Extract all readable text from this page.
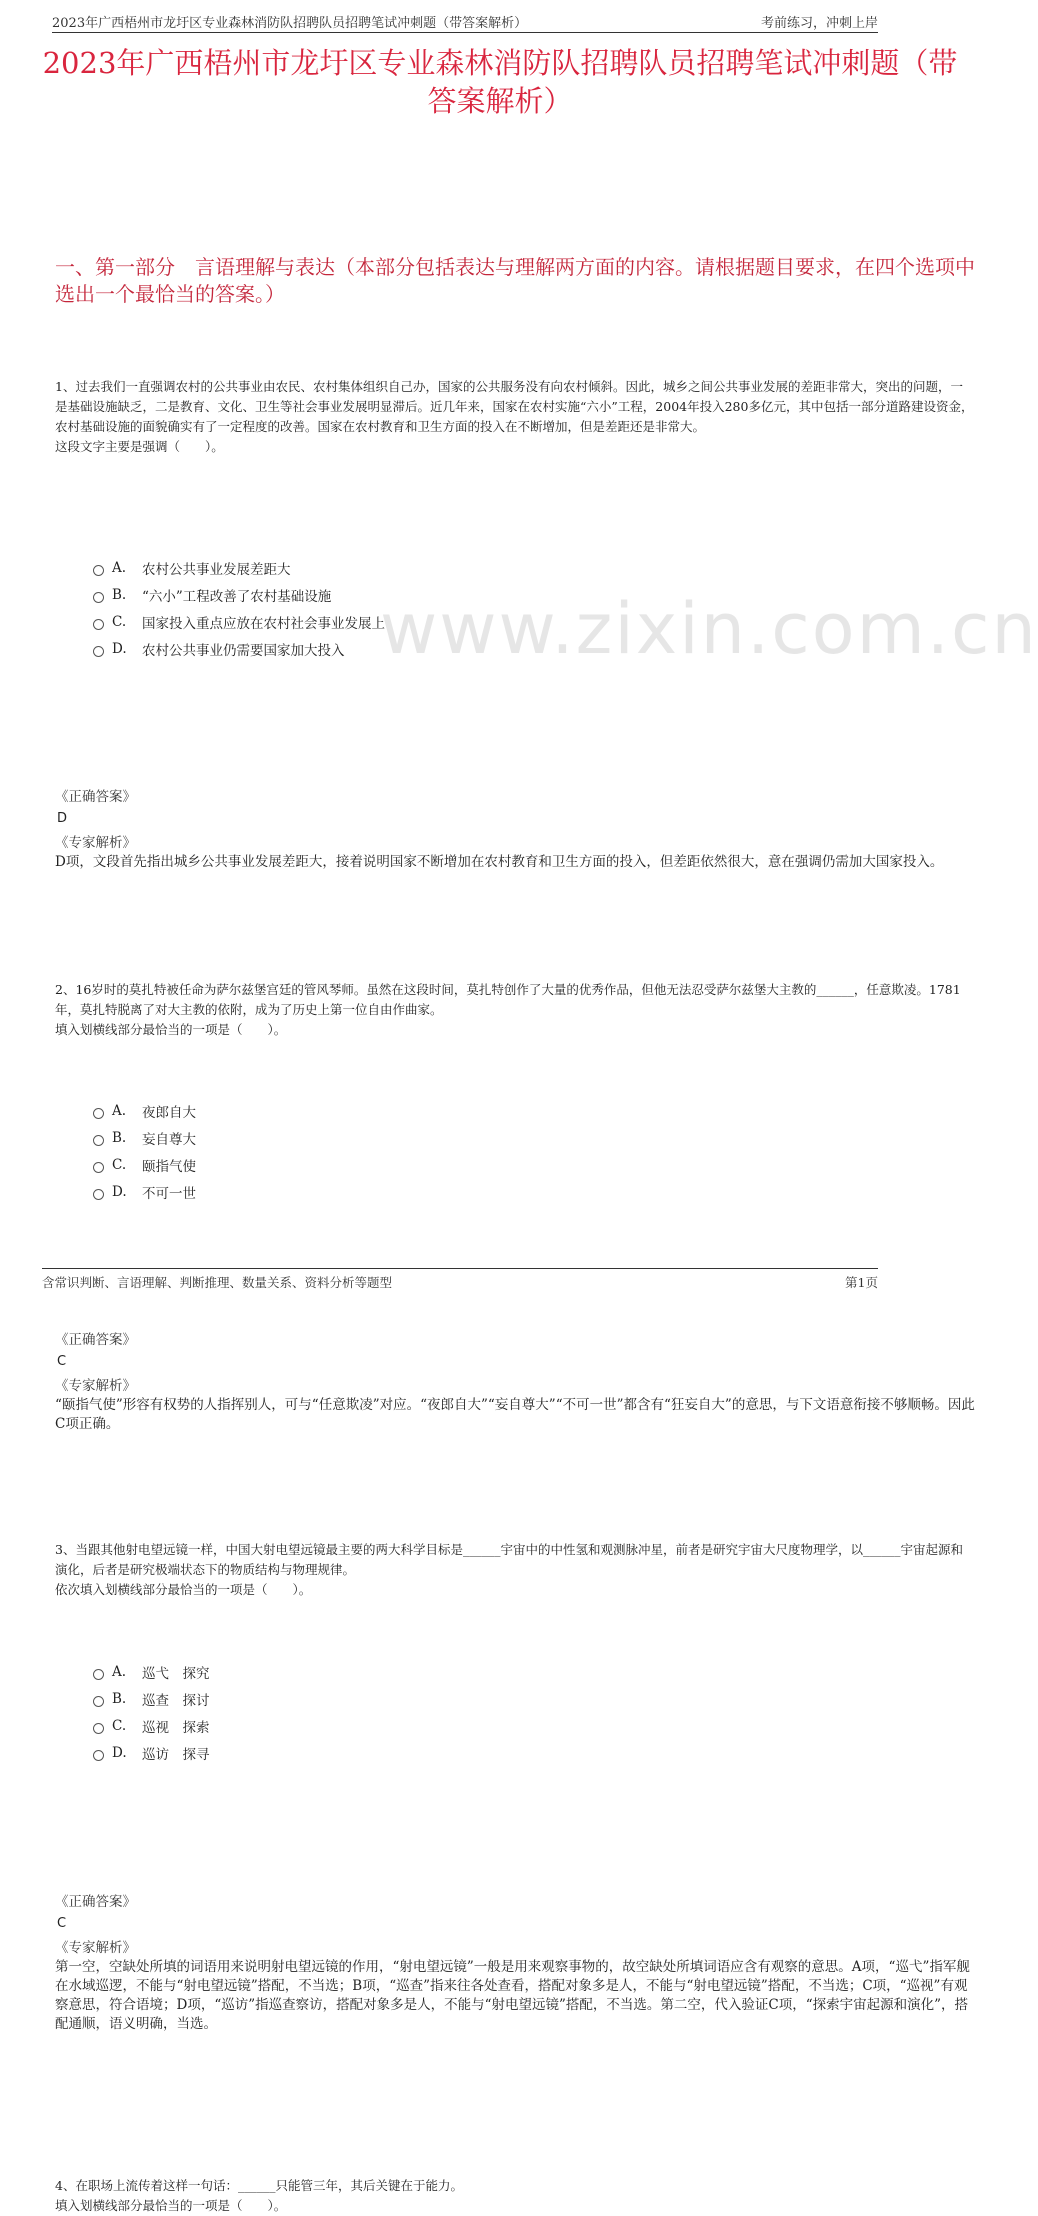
2023年广西梧州市龙圩区专业森林消防队招聘队员招聘笔试冲刺题（带答案解析）	考前练习，冲刺上岸
www.zixin.com.cn
2023年广西梧州市龙圩区专业森林消防队招聘队员招聘笔试冲刺题（带答案解析）
一、第一部分　言语理解与表达（本部分包括表达与理解两方面的内容。请根据题目要求，在四个选项中选出一个最恰当的答案。）

1、过去我们一直强调农村的公共事业由农民、农村集体组织自己办，国家的公共服务没有向农村倾斜。因此，城乡之间公共事业发展的差距非常大，突出的问题，一是基础设施缺乏，二是教育、文化、卫生等社会事业发展明显滞后。近几年来，国家在农村实施“六小”工程，2004年投入280多亿元，其中包括一部分道路建设资金，农村基础设施的面貌确实有了一定程度的改善。国家在农村教育和卫生方面的投入在不断增加，但是差距还是非常大。

这段文字主要是强调（　　）。

A.	农村公共事业发展差距大
B.	“六小”工程改善了农村基础设施
C.	国家投入重点应放在农村社会事业发展上
D.	农村公共事业仍需要国家加大投入
《正确答案》
D
《专家解析》
D项，文段首先指出城乡公共事业发展差距大，接着说明国家不断增加在农村教育和卫生方面的投入，但差距依然很大，意在强调仍需加大国家投入。

2、16岁时的莫扎特被任命为萨尔兹堡宫廷的管风琴师。虽然在这段时间，莫扎特创作了大量的优秀作品，但他无法忍受萨尔兹堡大主教的______，任意欺凌。1781年，莫扎特脱离了对大主教的依附，成为了历史上第一位自由作曲家。

填入划横线部分最恰当的一项是（　　）。

A.	夜郎自大
B.	妄自尊大
C.	颐指气使
D.	不可一世
《正确答案》
C
《专家解析》
“颐指气使”形容有权势的人指挥别人，可与“任意欺凌”对应。“夜郎自大”“妄自尊大”“不可一世”都含有“狂妄自大”的意思，与下文语意衔接不够顺畅。因此C项正确。

3、当跟其他射电望远镜一样，中国大射电望远镜最主要的两大科学目标是______宇宙中的中性氢和观测脉冲星，前者是研究宇宙大尺度物理学，以______宇宙起源和演化，后者是研究极端状态下的物质结构与物理规律。

依次填入划横线部分最恰当的一项是（　　）。

A.	巡弋　探究
B.	巡查　探讨
C.	巡视　探索
D.	巡访　探寻
《正确答案》
C
《专家解析》
第一空，空缺处所填的词语用来说明射电望远镜的作用，“射电望远镜”一般是用来观察事物的，故空缺处所填词语应含有观察的意思。A项，“巡弋”指军舰在水域巡逻，不能与“射电望远镜”搭配，不当选；B项，“巡查”指来往各处查看，搭配对象多是人，不能与“射电望远镜”搭配，不当选；C项，“巡视”有观察意思，符合语境；D项，“巡访”指巡查察访，搭配对象多是人，不能与“射电望远镜”搭配，不当选。第二空，代入验证C项，“探索宇宙起源和演化”，搭配通顺，语义明确，当选。

4、在职场上流传着这样一句话：______只能管三年，其后关键在于能力。

填入划横线部分最恰当的一项是（　　）。

含常识判断、言语理解、判断推理、数量关系、资料分析等题型	第1页
